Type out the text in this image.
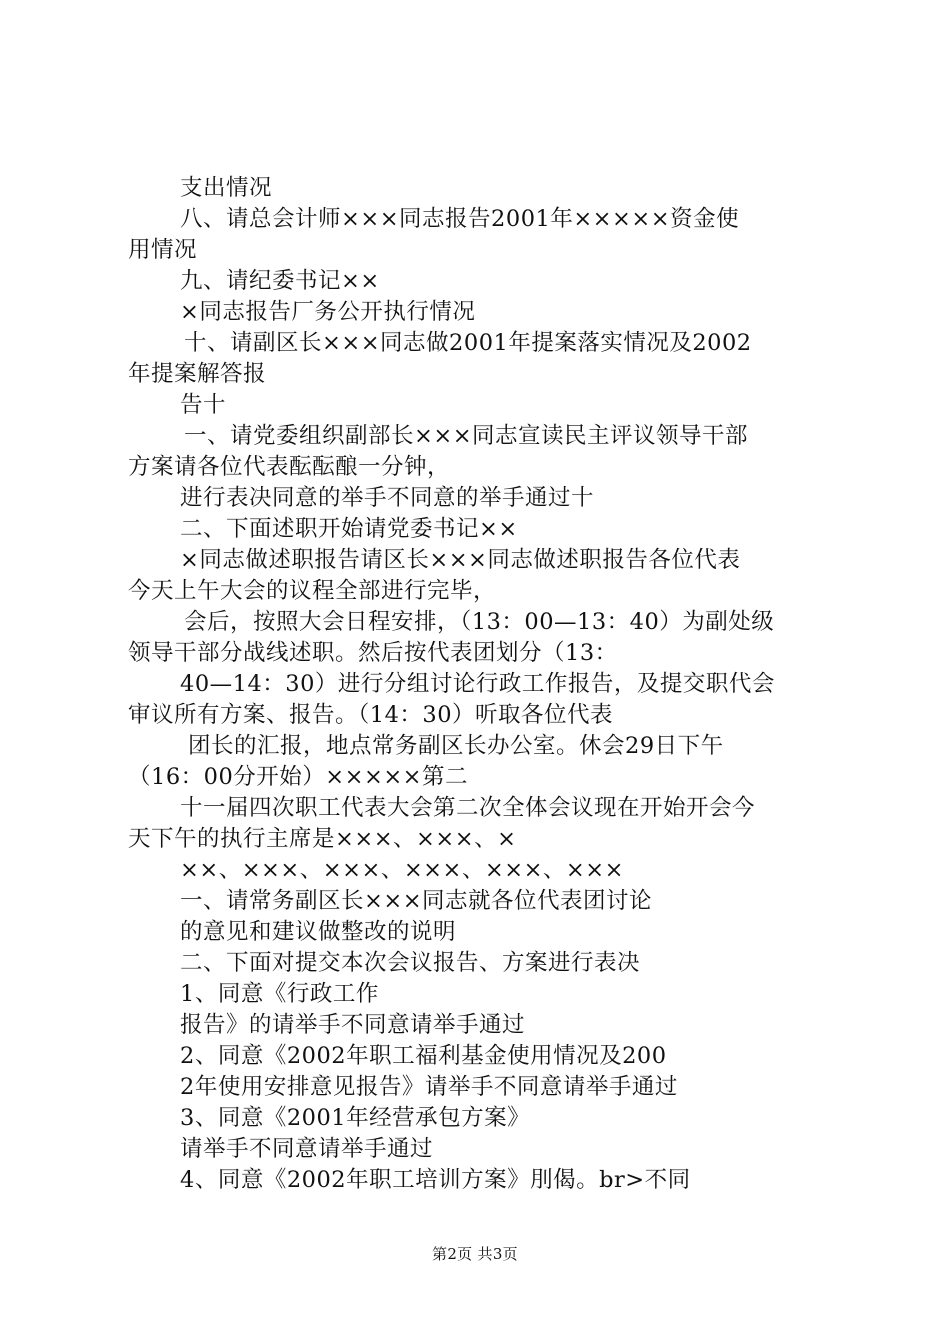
支出情况
八、请总会计师×××同志报告2001年×××××资金使
用情况
九、请纪委书记××
×同志报告厂务公开执行情况
十、请副区长×××同志做2001年提案落实情况及2002
年提案解答报
告十
一、请党委组织副部长×××同志宣读民主评议领导干部
方案请各位代表酝酝酿一分钟，
进行表决同意的举手不同意的举手通过十
二、下面述职开始请党委书记××
×同志做述职报告请区长×××同志做述职报告各位代表
今天上午大会的议程全部进行完毕，
会后，按照大会日程安排，（13：00—13：40）为副处级
领导干部分战线述职。然后按代表团划分（13：
40—14：30）进行分组讨论行政工作报告，及提交职代会
审议所有方案、报告。（14：30）听取各位代表
团长的汇报，地点常务副区长办公室。休会29日下午
（16：00分开始）×××××第二
十一届四次职工代表大会第二次全体会议现在开始开会今
天下午的执行主席是×××、×××、×
××、×××、×××、×××、×××、×××
一、请常务副区长×××同志就各位代表团讨论
的意见和建议做整改的说明
二、下面对提交本次会议报告、方案进行表决
1、同意《行政工作
报告》的请举手不同意请举手通过
2、同意《2002年职工福利基金使用情况及200
2年使用安排意见报告》请举手不同意请举手通过
3、同意《2001年经营承包方案》
请举手不同意请举手通过
4、同意《2002年职工培训方案》刖偈。br>不同
第2页 共3页
